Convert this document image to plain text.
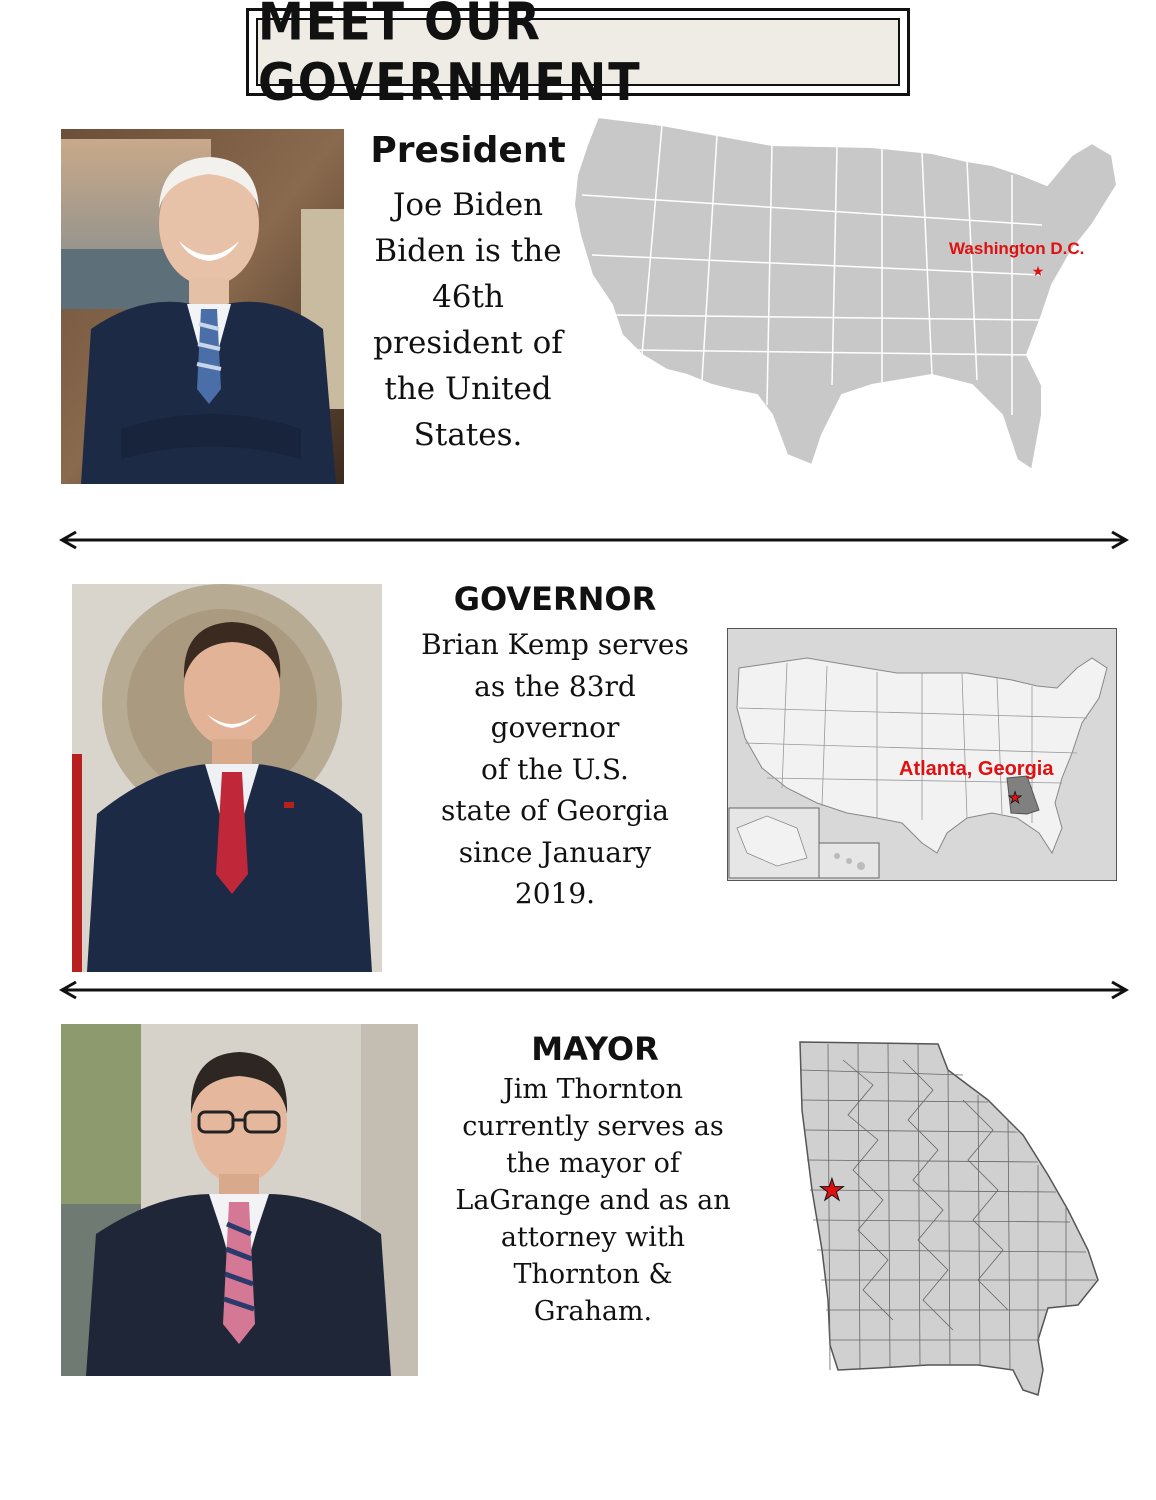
MEET OUR GOVERNMENT
President
Joe Biden
Biden is the
46th
president of
the United
States.
★
Washington D.C.
GOVERNOR
Brian Kemp serves
as the 83rd
governor
of the U.S.
state of Georgia
since January
2019.
★
Atlanta, Georgia
MAYOR
Jim Thornton
currently serves as
the mayor of
LaGrange and as an
attorney with
Thornton &
Graham.
★
